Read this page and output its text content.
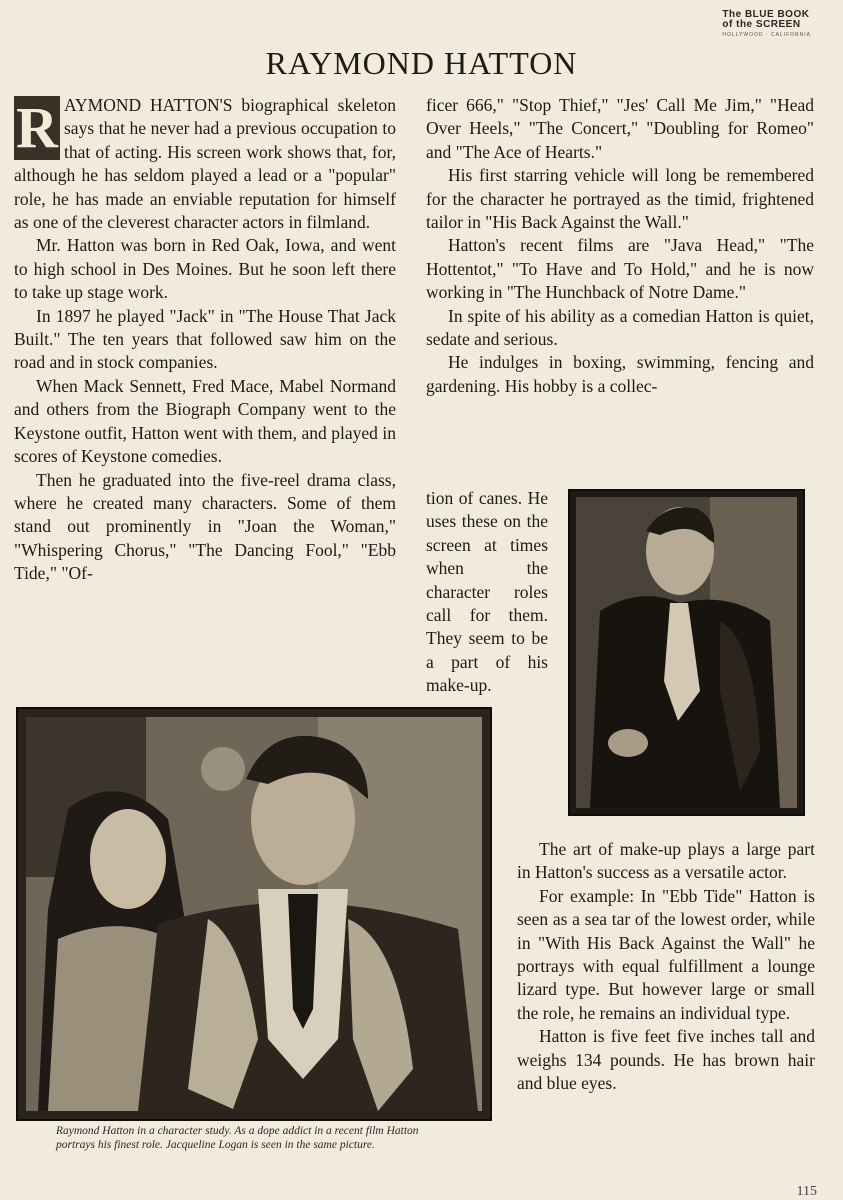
The BLUE BOOK
of the SCREEN
HOLLYWOOD · CALIFORNIA
RAYMOND HATTON

R AYMOND HATTON'S biographical skeleton says that he never had a previous occupation to that of acting. His screen work shows that, for, although he has seldom played a lead or a "popular" role, he has made an enviable reputation for himself as one of the cleverest character actors in filmland.

Mr. Hatton was born in Red Oak, Iowa, and went to high school in Des Moines. But he soon left there to take up stage work.

In 1897 he played "Jack" in "The House That Jack Built." The ten years that followed saw him on the road and in stock companies.

When Mack Sennett, Fred Mace, Mabel Normand and others from the Biograph Company went to the Keystone outfit, Hatton went with them, and played in scores of Keystone comedies.

Then he graduated into the five-reel drama class, where he created many characters. Some of them stand out prominently in "Joan the Woman," "Whispering Chorus," "The Dancing Fool," "Ebb Tide," "Of-

ficer 666," "Stop Thief," "Jes' Call Me Jim," "Head Over Heels," "The Concert," "Doubling for Romeo" and "The Ace of Hearts."

His first starring vehicle will long be remembered for the character he portrayed as the timid, frightened tailor in "His Back Against the Wall."

Hatton's recent films are "Java Head," "The Hottentot," "To Have and To Hold," and he is now working in "The Hunchback of Notre Dame."

In spite of his ability as a comedian Hatton is quiet, sedate and serious.

He indulges in boxing, swimming, fencing and gardening. His hobby is a collec-

tion of canes. He uses these on the screen at times when the character roles call for them. They seem to be a part of his make-up.

Raymond Hatton in a character study. As a dope addict in a recent film Hatton portrays his finest role. Jacqueline Logan is seen in the same picture.

The art of make-up plays a large part in Hatton's success as a versatile actor.

For example: In "Ebb Tide" Hatton is seen as a sea tar of the lowest order, while in "With His Back Against the Wall" he portrays with equal fulfillment a lounge lizard type. But however large or small the role, he remains an individual type.

Hatton is five feet five inches tall and weighs 134 pounds. He has brown hair and blue eyes.

115
